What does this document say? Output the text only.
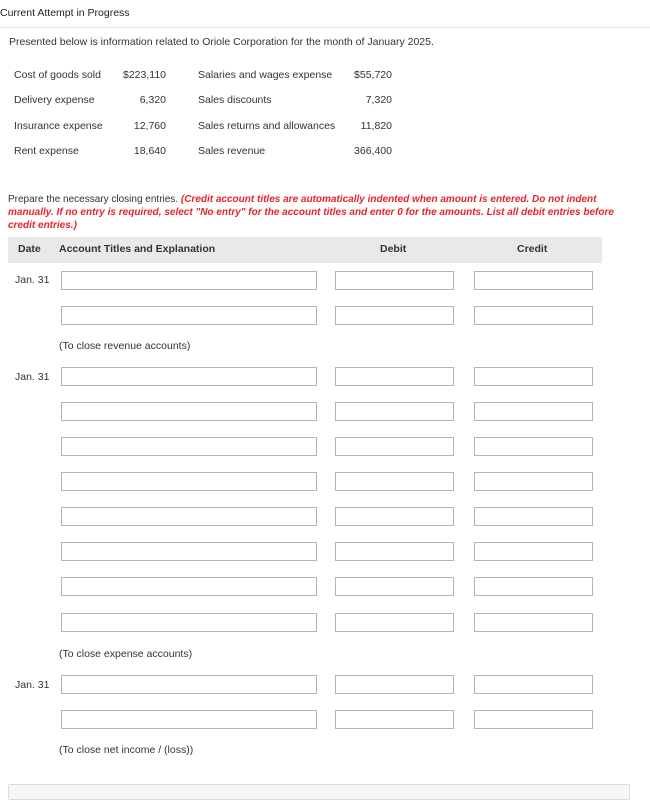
Current Attempt in Progress
Presented below is information related to Oriole Corporation for the month of January 2025.
Cost of goods sold	$223,110	Salaries and wages expense	$55,720
Delivery expense	6,320	Sales discounts	7,320
Insurance expense	12,760	Sales returns and allowances	11,820
Rent expense	18,640	Sales revenue	366,400
Prepare the necessary closing entries. (Credit account titles are automatically indented when amount is entered. Do not indent manually. If no entry is required, select "No entry" for the account titles and enter 0 for the amounts. List all debit entries before credit entries.)
Date Account Titles and Explanation	Debit	Credit
Jan. 31
(To close revenue accounts)
Jan. 31
(To close expense accounts)
Jan. 31
(To close net income / (loss))
